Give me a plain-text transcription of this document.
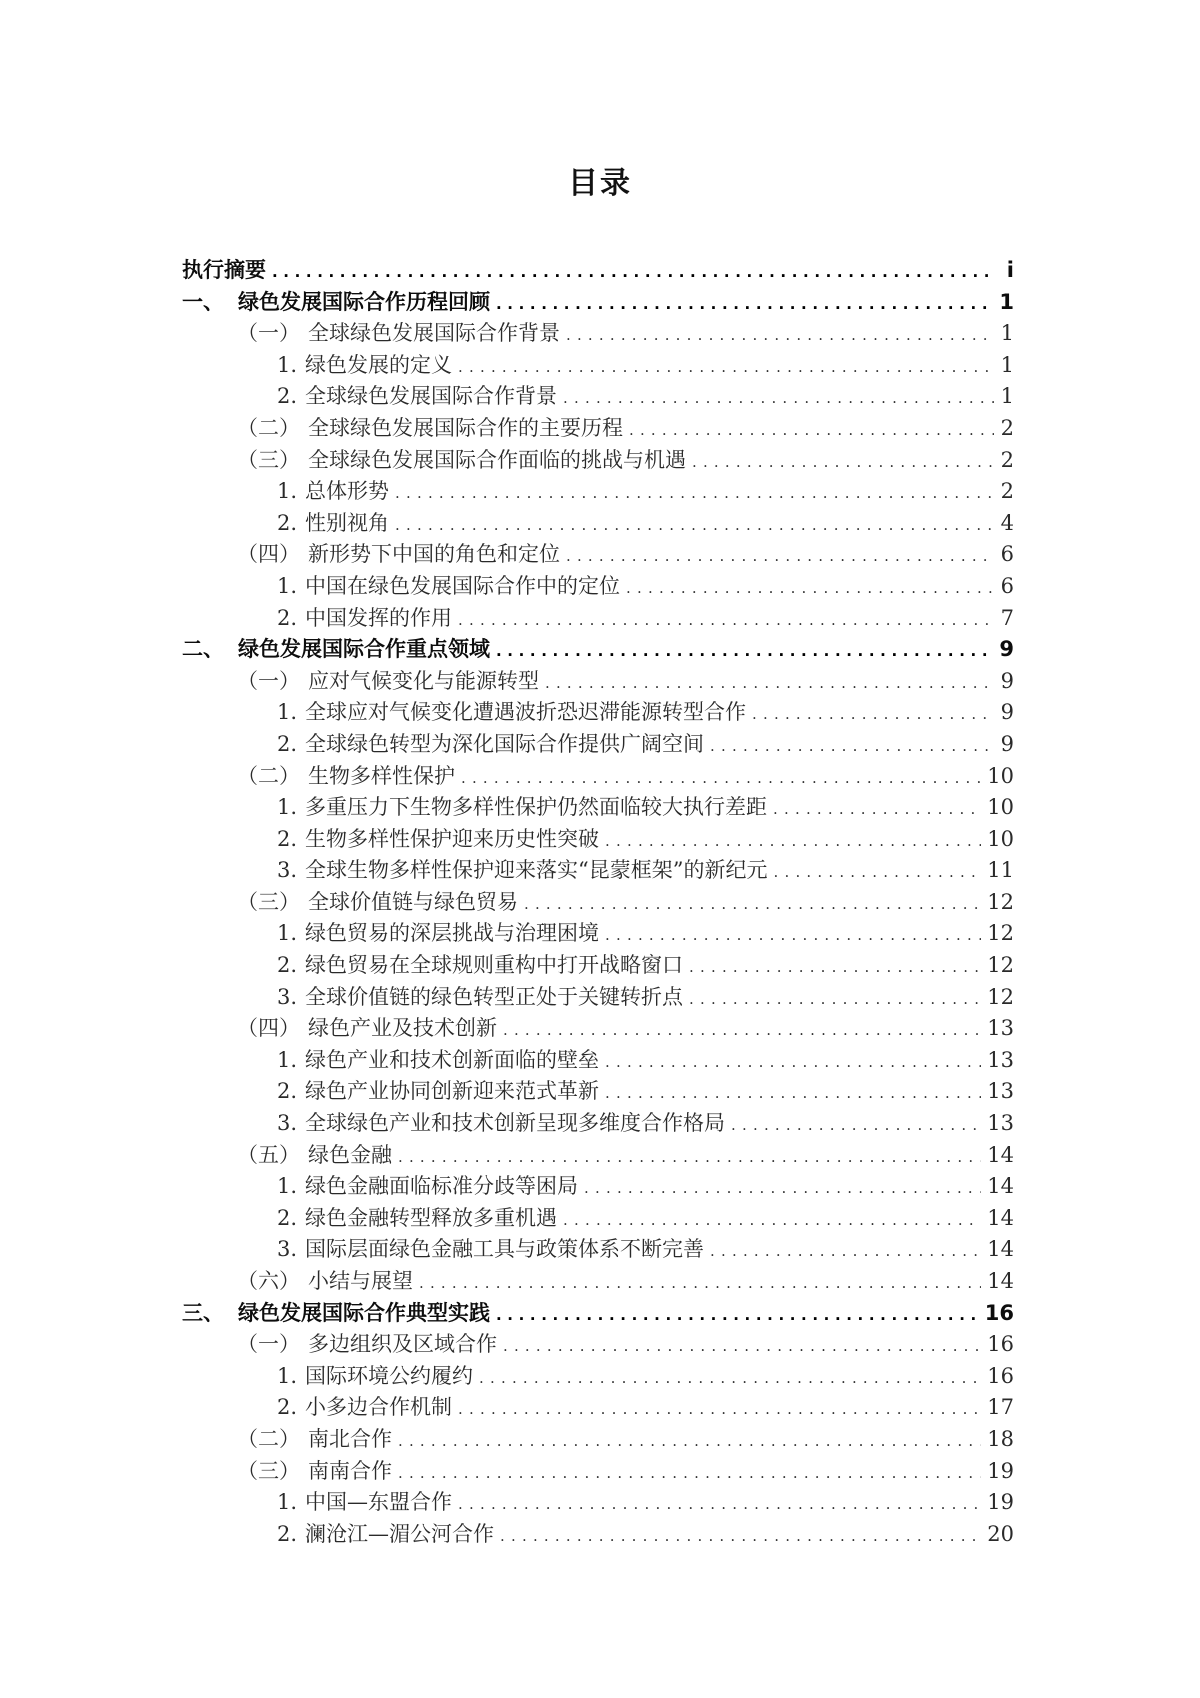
目录
执行摘要 .....	i
一、 绿色发展国际合作历程回顾 .....	1
（一） 全球绿色发展国际合作背景 .....	1
1. 绿色发展的定义 .....	1
2. 全球绿色发展国际合作背景 .....	1
（二） 全球绿色发展国际合作的主要历程 .....	2
（三） 全球绿色发展国际合作面临的挑战与机遇 .....	2
1. 总体形势 .....	2
2. 性别视角 .....	4
（四） 新形势下中国的角色和定位 .....	6
1. 中国在绿色发展国际合作中的定位 .....	6
2. 中国发挥的作用 .....	7
二、 绿色发展国际合作重点领域 .....	9
（一） 应对气候变化与能源转型 .....	9
1. 全球应对气候变化遭遇波折恐迟滞能源转型合作 .....	9
2. 全球绿色转型为深化国际合作提供广阔空间 .....	9
（二） 生物多样性保护 .....	10
1. 多重压力下生物多样性保护仍然面临较大执行差距 .....	10
2. 生物多样性保护迎来历史性突破 .....	10
3. 全球生物多样性保护迎来落实“昆蒙框架”的新纪元 .....	11
（三） 全球价值链与绿色贸易 .....	12
1. 绿色贸易的深层挑战与治理困境 .....	12
2. 绿色贸易在全球规则重构中打开战略窗口 .....	12
3. 全球价值链的绿色转型正处于关键转折点 .....	12
（四） 绿色产业及技术创新 .....	13
1. 绿色产业和技术创新面临的壁垒 .....	13
2. 绿色产业协同创新迎来范式革新 .....	13
3. 全球绿色产业和技术创新呈现多维度合作格局 .....	13
（五） 绿色金融 .....	14
1. 绿色金融面临标准分歧等困局 .....	14
2. 绿色金融转型释放多重机遇 .....	14
3. 国际层面绿色金融工具与政策体系不断完善 .....	14
（六） 小结与展望 .....	14
三、 绿色发展国际合作典型实践 .....	16
（一） 多边组织及区域合作 .....	16
1. 国际环境公约履约 .....	16
2. 小多边合作机制 .....	17
（二） 南北合作 .....	18
（三） 南南合作 .....	19
1. 中国—东盟合作 .....	19
2. 澜沧江—湄公河合作 .....	20
